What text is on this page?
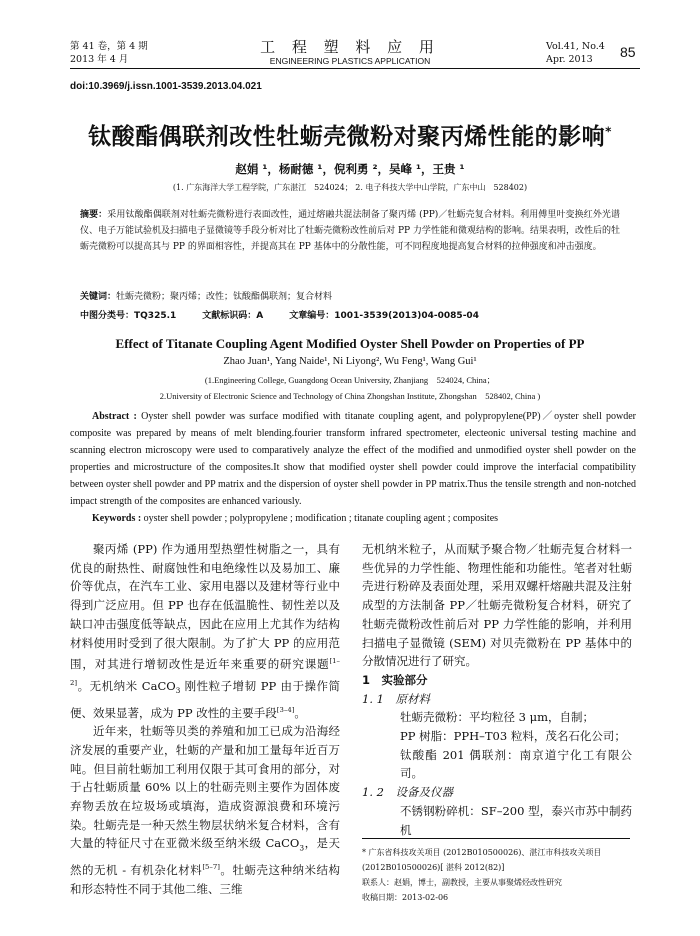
第 41 卷，第 4 期
2013 年 4 月
工 程 塑 料 应 用
ENGINEERING PLASTICS APPLICATION
Vol.41, No.4
Apr. 2013	85
doi:10.3969/j.issn.1001-3539.2013.04.021
钛酸酯偶联剂改性牡蛎壳微粉对聚丙烯性能的影响*
赵娟 ¹，杨耐德 ¹，倪利勇 ²，吴峰 ¹，王贵 ¹
(1. 广东海洋大学工程学院，广东湛江　524024； 2. 电子科技大学中山学院，广东中山　528402)
摘要：采用钛酸酯偶联剂对牡蛎壳微粉进行表面改性，通过熔融共混法制备了聚丙烯 (PP)／牡蛎壳复合材料。利用傅里叶变换红外光谱仪、电子万能试验机及扫描电子显微镜等手段分析对比了牡蛎壳微粉改性前后对 PP 力学性能和微观结构的影响。结果表明，改性后的牡蛎壳微粉可以提高其与 PP 的界面相容性，并提高其在 PP 基体中的分散性能，可不同程度地提高复合材料的拉伸强度和冲击强度。
关键词：牡蛎壳微粉；聚丙烯；改性；钛酸酯偶联剂；复合材料
中图分类号：TQ325.1	文献标识码：A	文章编号：1001-3539(2013)04-0085-04
Effect of Titanate Coupling Agent Modified Oyster Shell Powder on Properties of PP
Zhao Juan¹, Yang Naide¹, Ni Liyong², Wu Feng¹, Wang Gui¹
(1.Engineering College, Guangdong Ocean University, Zhanjiang　524024, China；
2.University of Electronic Science and Technology of China Zhongshan Institute, Zhongshan　528402, China )
Abstract : Oyster shell powder was surface modified with titanate coupling agent, and polypropylene(PP)／oyster shell powder composite was prepared by means of melt blending.fourier transform infrared spectrometer, electeonic universal testing machine and scanning electron microscopy were used to comparatively analyze the effect of the modified and unmodified oyster shell powder on the properties and microstructure of the composites.It show that modified oyster shell powder could improve the interfacial compatibility between oyster shell powder and PP matrix and the dispersion of oyster shell powder in PP matrix.Thus the tensile strength and non-notched impact strength of the composites are enhanced variously.
Keywords : oyster shell powder ; polypropylene ; modification ; titanate coupling agent ; composites

聚丙烯 (PP) 作为通用型热塑性树脂之一，具有优良的耐热性、耐腐蚀性和电绝缘性以及易加工、廉价等优点，在汽车工业、家用电器以及建材等行业中得到广泛应用。但 PP 也存在低温脆性、韧性差以及缺口冲击强度低等缺点，因此在应用上尤其作为结构材料使用时受到了很大限制。为了扩大 PP 的应用范围，对其进行增韧改性是近年来重要的研究课题[1–2]。无机纳米 CaCO$_3$ 刚性粒子增韧 PP 由于操作简便、效果显著，成为 PP 改性的主要手段[3–4]。

近年来，牡蛎等贝类的养殖和加工已成为沿海经济发展的重要产业，牡蛎的产量和加工量每年近百万吨。但目前牡蛎加工利用仅限于其可食用的部分，对于占牡蛎质量 60% 以上的牡砺壳则主要作为固体废弃物丢放在垃圾场或填海，造成资源浪费和环境污染。牡蛎壳是一种天然生物层状纳米复合材料，含有大量的特征尺寸在亚微米级至纳米级 CaCO$_3$，是天然的无机 - 有机杂化材料[5–7]。牡蛎壳这种纳米结构和形态特性不同于其他二维、三维

无机纳米粒子，从而赋予聚合物／牡蛎壳复合材料一些优异的力学性能、物理性能和功能性。笔者对牡蛎壳进行粉碎及表面处理，采用双螺杆熔融共混及注射成型的方法制备 PP／牡蛎壳微粉复合材料，研究了牡蛎壳微粉改性前后对 PP 力学性能的影响，并利用扫描电子显微镜 (SEM) 对贝壳微粉在 PP 基体中的分散情况进行了研究。

1　实验部分

1. 1　原材料

牡蛎壳微粉：平均粒径 3 μm，自制；

PP 树脂：PPH–T03 粒料，茂名石化公司；

钛酸酯 201 偶联剂：南京道宁化工有限公司。

1. 2　设备及仪器

不锈钢粉碎机：SF–200 型，泰兴市苏中制药机

* 广东省科技攻关项目 (2012B010500026)、湛江市科技攻关项目 (2012B010500026)[ 湛科 2012(82)]
联系人：赵娟，博士，副教授，主要从事聚烯烃改性研究
收稿日期：2013-02-06
